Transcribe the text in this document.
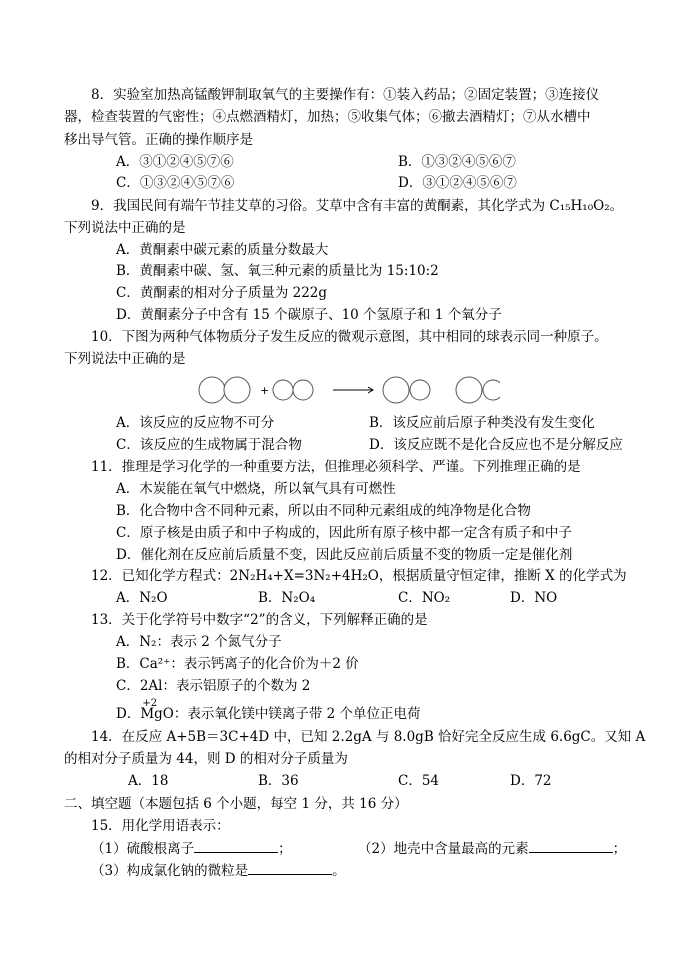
8．实验室加热高锰酸钾制取氧气的主要操作有：①装入药品；②固定装置；③连接仪
器，检查装置的气密性；④点燃酒精灯，加热；⑤收集气体；⑥撤去酒精灯；⑦从水槽中
移出导气管。正确的操作顺序是
A．③①②④⑤⑦⑥	B．①③②④⑤⑥⑦
C．①③②④⑤⑦⑥	D．③①②④⑤⑥⑦
9．我国民间有端午节挂艾草的习俗。艾草中含有丰富的黄酮素，其化学式为 C₁₅H₁₀O₂。
下列说法中正确的是
A．黄酮素中碳元素的质量分数最大
B．黄酮素中碳、氢、氧三种元素的质量比为 15:10:2
C．黄酮素的相对分子质量为 222g
D．黄酮素分子中含有 15 个碳原子、10 个氢原子和 1 个氧分子
10．下图为两种气体物质分子发生反应的微观示意图，其中相同的球表示同一种原子。
下列说法中正确的是
+
A．该反应的反应物不可分	B．该反应前后原子种类没有发生变化
C．该反应的生成物属于混合物	D．该反应既不是化合反应也不是分解反应
11．推理是学习化学的一种重要方法，但推理必须科学、严谨。下列推理正确的是
A．木炭能在氧气中燃烧，所以氧气具有可燃性
B．化合物中含不同种元素，所以由不同种元素组成的纯净物是化合物
C．原子核是由质子和中子构成的，因此所有原子核中都一定含有质子和中子
D．催化剂在反应前后质量不变，因此反应前后质量不变的物质一定是催化剂
12．已知化学方程式：2N₂H₄+X=3N₂+4H₂O，根据质量守恒定律，推断 X 的化学式为
A．N₂O	B．N₂O₄	C．NO₂	D．NO
13．关于化学符号中数字“2”的含义，下列解释正确的是
A．N₂：表示 2 个氮气分子
B．Ca²⁺：表示钙离子的化合价为＋2 价
C．2Al：表示铝原子的个数为 2
D．
+2
MgO：表示氧化镁中镁离子带 2 个单位正电荷
14．在反应 A+5B＝3C+4D 中，已知 2.2gA 与 8.0gB 恰好完全反应生成 6.6gC。又知 A
的相对分子质量为 44，则 D 的相对分子质量为
A．18	B．36	C．54	D．72
二、填空题（本题包括 6 个小题，每空 1 分，共 16 分）
15．用化学用语表示：
（1）硫酸根离子	；	（2）地壳中含量最高的元素	；
（3）构成氯化钠的微粒是	。
